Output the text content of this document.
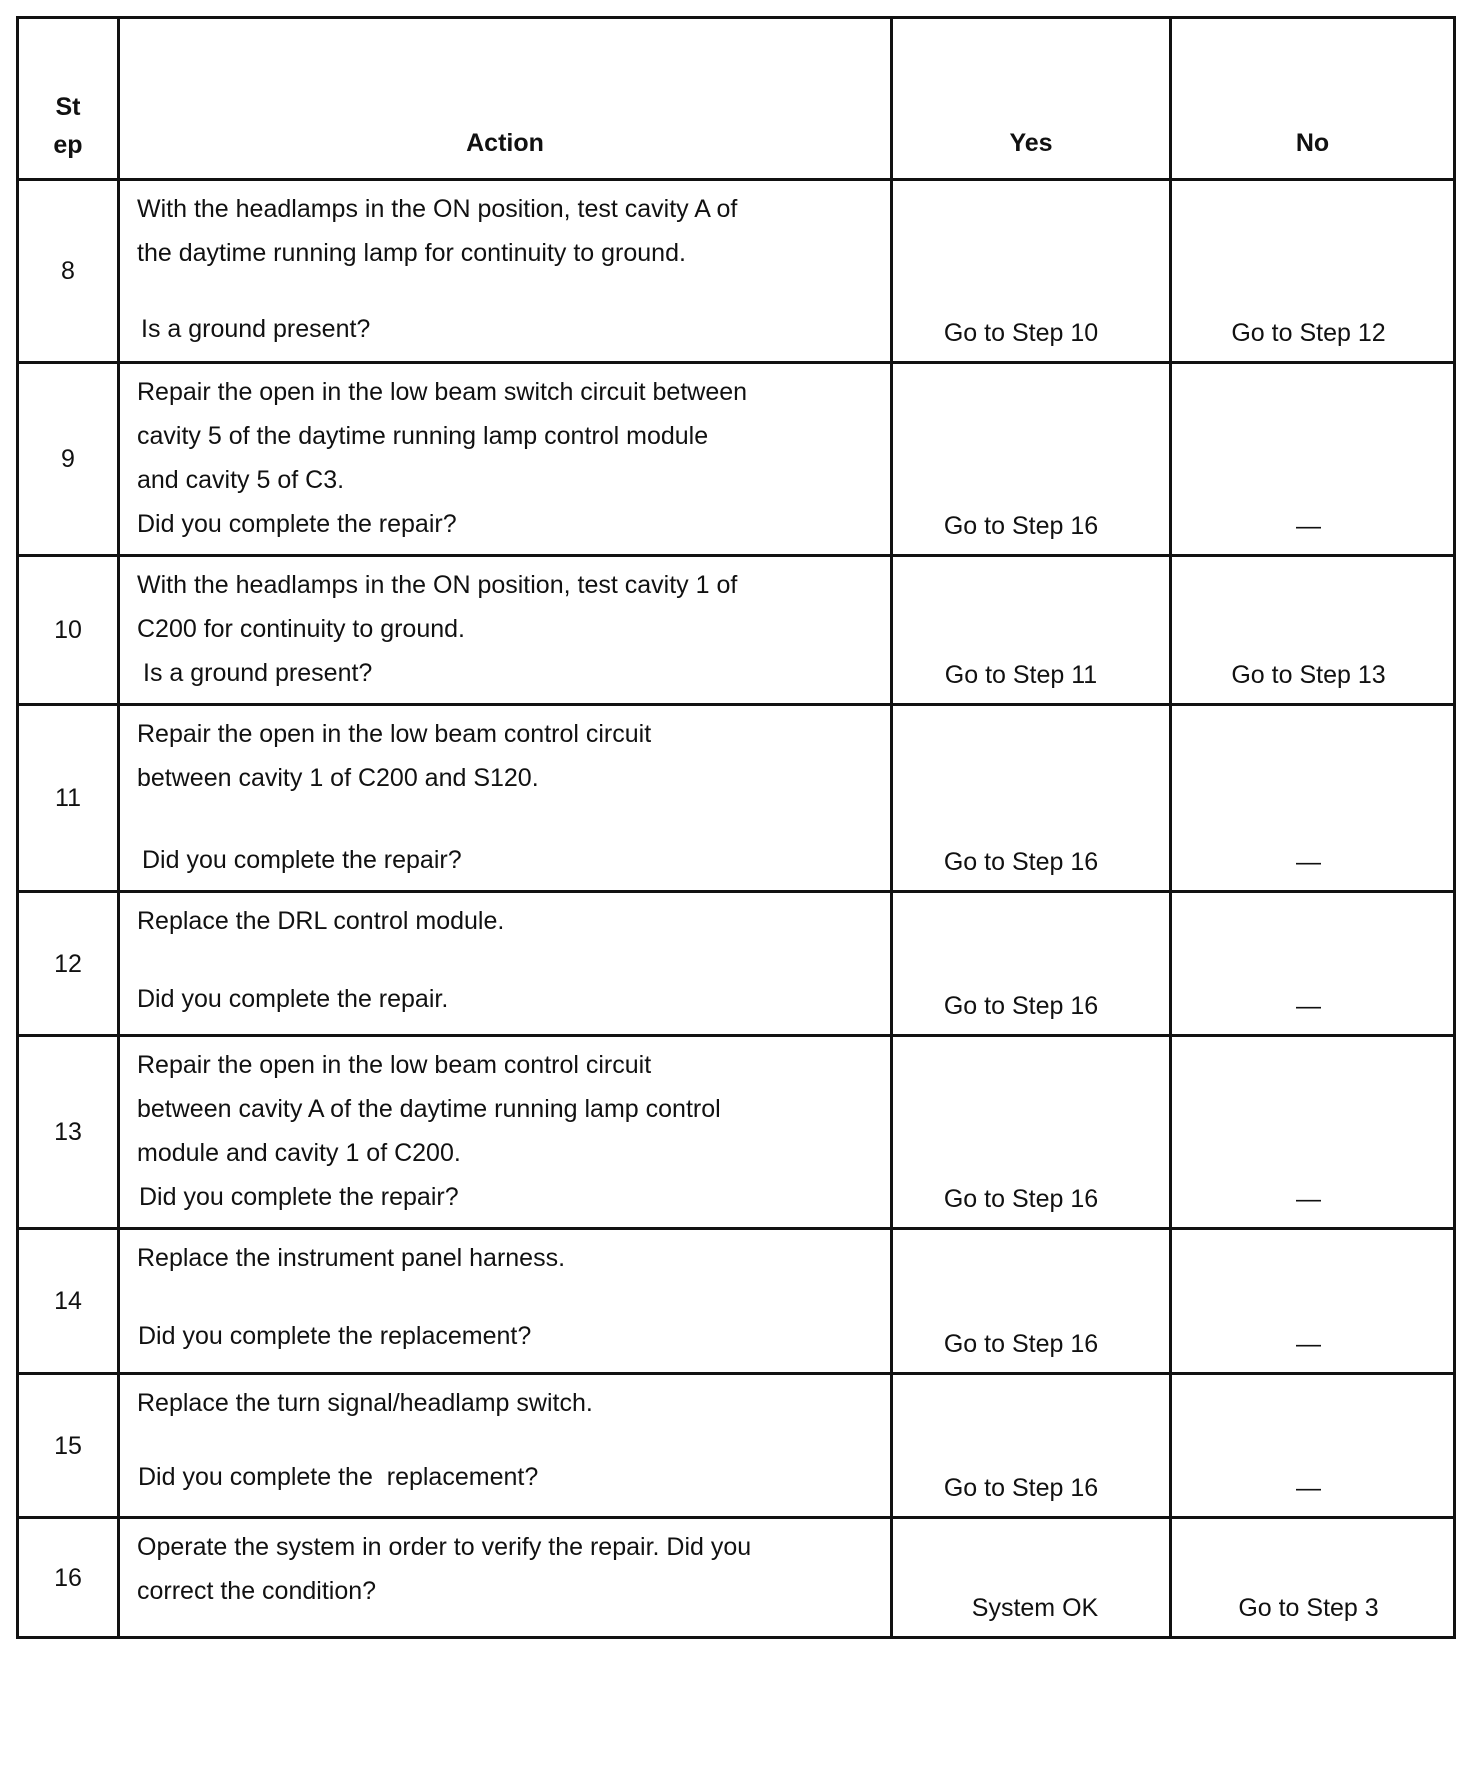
St
ep	Action	Yes	No
8	With the headlamps in the ON position, test cavity A of

the daytime running lamp for continuity to ground.

Is a ground present?	Go to Step 10	Go to Step 12
9	Repair the open in the low beam switch circuit between

cavity 5 of the daytime running lamp control module

and cavity 5 of C3.

Did you complete the repair?	Go to Step 16	—
10	With the headlamps in the ON position, test cavity 1 of

C200 for continuity to ground.

Is a ground present?	Go to Step 11	Go to Step 13
11	Repair the open in the low beam control circuit

between cavity 1 of C200 and S120.

Did you complete the repair?	Go to Step 16	—
12	Replace the DRL control module.

Did you complete the repair.	Go to Step 16	—
13	Repair the open in the low beam control circuit

between cavity A of the daytime running lamp control

module and cavity 1 of C200.

Did you complete the repair?	Go to Step 16	—
14	Replace the instrument panel harness.

Did you complete the replacement?	Go to Step 16	—
15	Replace the turn signal/headlamp switch.

Did you complete the  replacement?	Go to Step 16	—
16	Operate the system in order to verify the repair. Did you

correct the condition?	System OK	Go to Step 3
